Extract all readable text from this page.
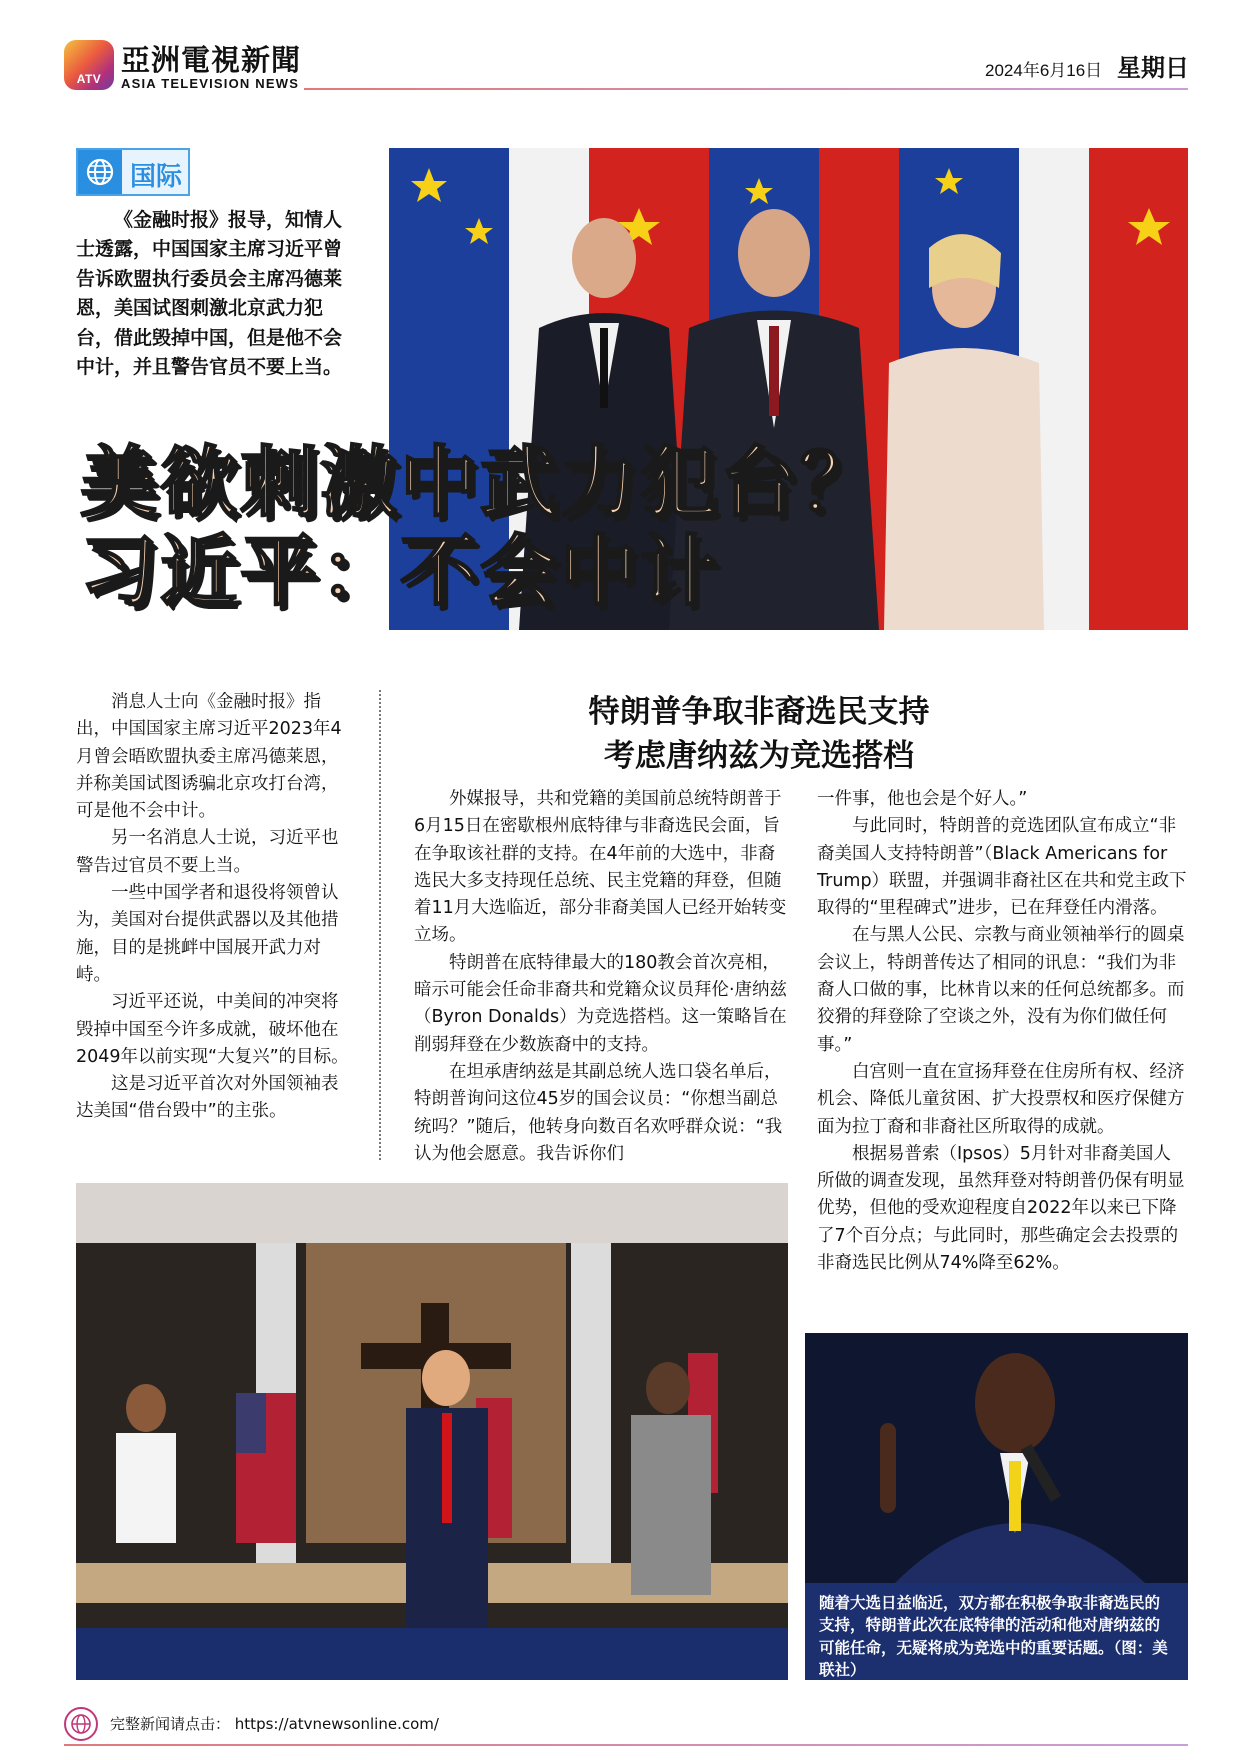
ATV
亞洲電視新聞
ASIA TELEVISION NEWS
2024年6月16日 星期日
国际
《金融时报》报导，知情人士透露，中国国家主席习近平曾告诉欧盟执行委员会主席冯德莱恩，美国试图刺激北京武力犯台，借此毁掉中国，但是他不会中计，并且警告官员不要上当。
美欲刺激中武力犯台？
习近平：不会中计

消息人士向《金融时报》指出，中国国家主席习近平2023年4月曾会晤欧盟执委主席冯德莱恩，并称美国试图诱骗北京攻打台湾，可是他不会中计。

另一名消息人士说，习近平也警告过官员不要上当。

一些中国学者和退役将领曾认为，美国对台提供武器以及其他措施，目的是挑衅中国展开武力对峙。

习近平还说，中美间的冲突将毁掉中国至今许多成就，破坏他在2049年以前实现“大复兴”的目标。

这是习近平首次对外国领袖表达美国“借台毁中”的主张。

特朗普争取非裔选民支持
考虑唐纳兹为竞选搭档

外媒报导，共和党籍的美国前总统特朗普于6月15日在密歇根州底特律与非裔选民会面，旨在争取该社群的支持。在4年前的大选中，非裔选民大多支持现任总统、民主党籍的拜登，但随着11月大选临近，部分非裔美国人已经开始转变立场。

特朗普在底特律最大的180教会首次亮相，暗示可能会任命非裔共和党籍众议员拜伦·唐纳兹（Byron Donalds）为竞选搭档。这一策略旨在削弱拜登在少数族裔中的支持。

在坦承唐纳兹是其副总统人选口袋名单后，特朗普询问这位45岁的国会议员：“你想当副总统吗？”随后，他转身向数百名欢呼群众说：“我认为他会愿意。我告诉你们

一件事，他也会是个好人。”

与此同时，特朗普的竞选团队宣布成立“非裔美国人支持特朗普”（Black Americans for Trump）联盟，并强调非裔社区在共和党主政下取得的“里程碑式”进步，已在拜登任内滑落。

在与黑人公民、宗教与商业领袖举行的圆桌会议上，特朗普传达了相同的讯息：“我们为非裔人口做的事，比林肯以来的任何总统都多。而狡猾的拜登除了空谈之外，没有为你们做任何事。”

白宫则一直在宣扬拜登在住房所有权、经济机会、降低儿童贫困、扩大投票权和医疗保健方面为拉丁裔和非裔社区所取得的成就。

根据易普索（Ipsos）5月针对非裔美国人所做的调查发现，虽然拜登对特朗普仍保有明显优势，但他的受欢迎程度自2022年以来已下降了7个百分点；与此同时，那些确定会去投票的非裔选民比例从74%降至62%。

随着大选日益临近，双方都在积极争取非裔选民的支持，特朗普此次在底特律的活动和他对唐纳兹的可能任命，无疑将成为竞选中的重要话题。（图：美联社）
完整新闻请点击： https://atvnewsonline.com/
